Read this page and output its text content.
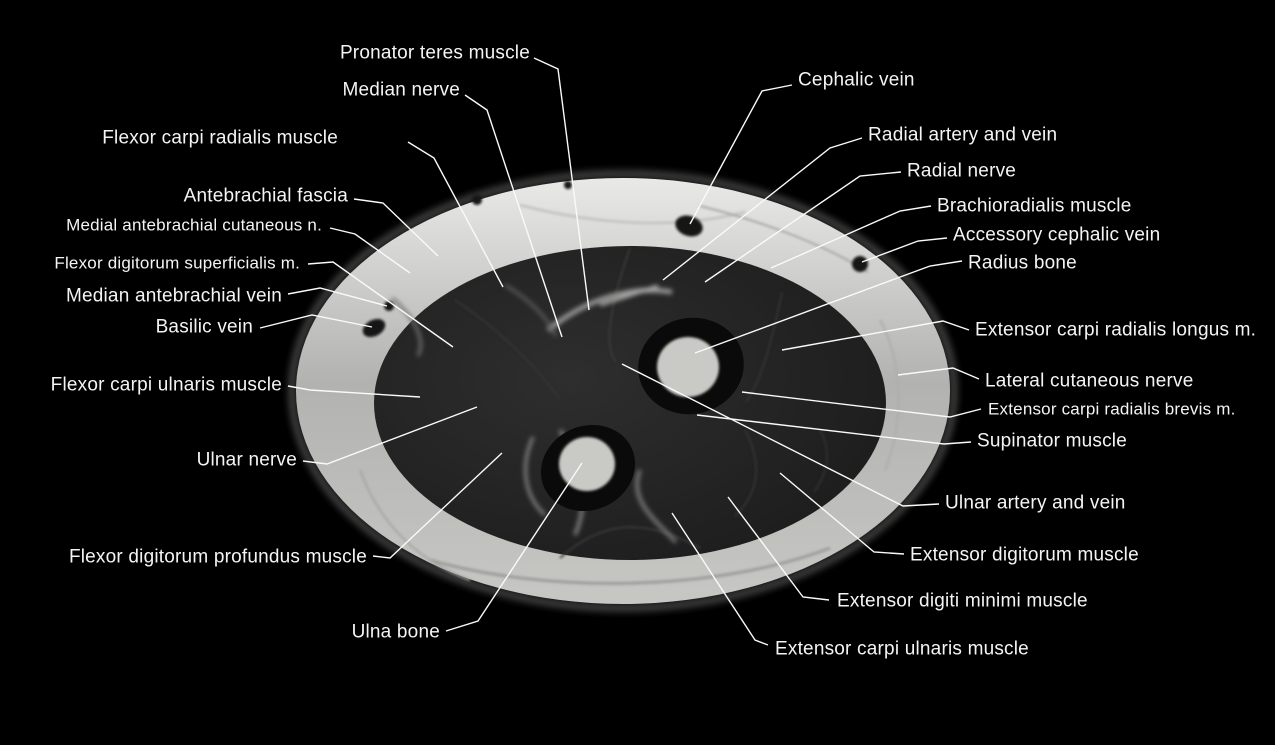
Pronator teres muscle
Median nerve
Flexor carpi radialis muscle
Antebrachial fascia
Medial antebrachial cutaneous n.
Flexor digitorum superficialis m.
Median antebrachial vein
Basilic vein
Flexor carpi ulnaris muscle
Ulnar nerve
Flexor digitorum profundus muscle
Ulna bone
Cephalic vein
Radial artery and vein
Radial nerve
Brachioradialis muscle
Accessory cephalic vein
Radius bone
Extensor carpi radialis longus m.
Lateral cutaneous nerve
Extensor carpi radialis brevis m.
Supinator muscle
Ulnar artery and vein
Extensor digitorum muscle
Extensor digiti minimi muscle
Extensor carpi ulnaris muscle
